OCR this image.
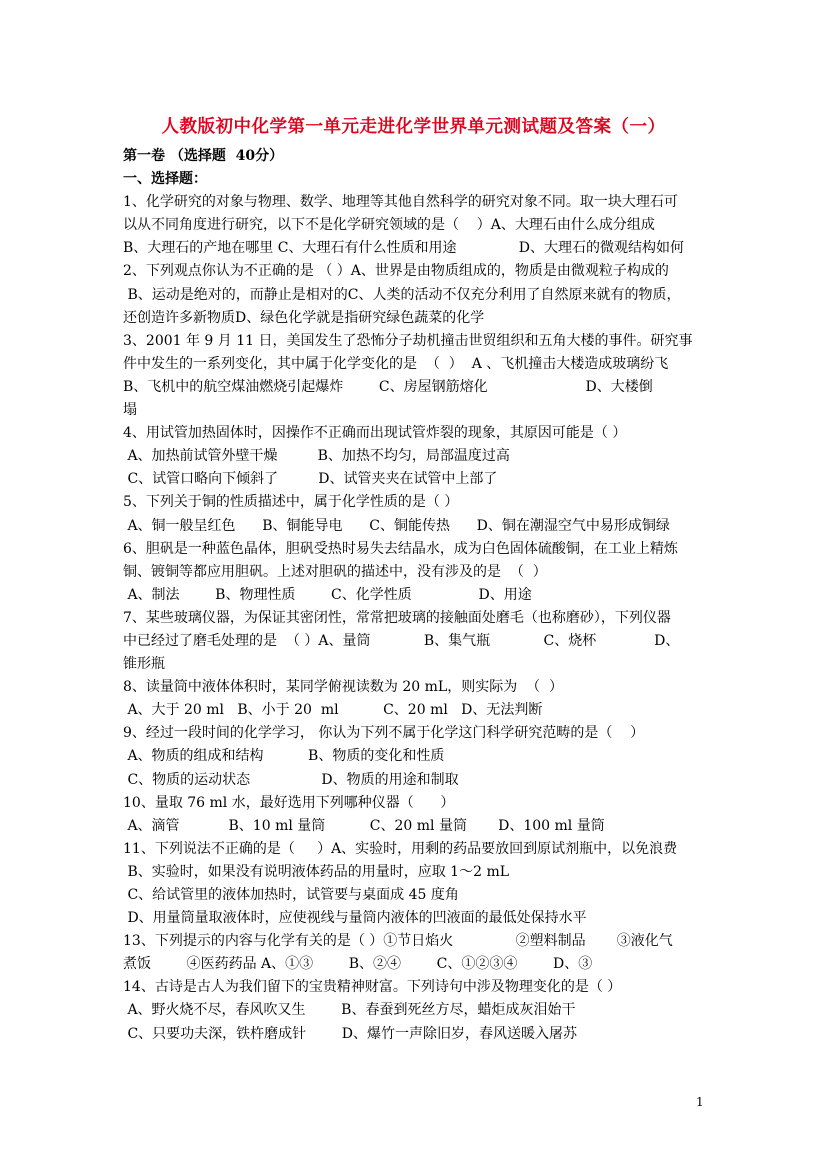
人教版初中化学第一单元走进化学世界单元测试题及答案（一）
第一卷 （选择题  40分）
一、选择题：
1、化学研究的对象与物理、数学、地理等其他自然科学的研究对象不同。取一块大理石可
以从不同角度进行研究，以下不是化学研究领域的是（    ）A、大理石由什么成分组成
B、大理石的产地在哪里 C、大理石有什么性质和用途              D、大理石的微观结构如何
2、下列观点你认为不正确的是 （ ）A、世界是由物质组成的，物质是由微观粒子构成的
B、运动是绝对的，而静止是相对的C、人类的活动不仅充分利用了自然原来就有的物质，
还创造许多新物质D、绿色化学就是指研究绿色蔬菜的化学
3、2001 年 9 月 11 日，美国发生了恐怖分子劫机撞击世贸组织和五角大楼的事件。研究事
件中发生的一系列变化，其中属于化学变化的是  （  ）  A 、飞机撞击大楼造成玻璃纷飞
B、飞机中的航空煤油燃烧引起爆炸        C、房屋钢筋熔化                      D、大楼倒
塌
4、用试管加热固体时，因操作不正确而出现试管炸裂的现象，其原因可能是（ ）
A、加热前试管外壁干燥         B、加热不均匀，局部温度过高
C、试管口略向下倾斜了         D、试管夹夹在试管中上部了
5、下列关于铜的性质描述中，属于化学性质的是（ ）
A、铜一般呈红色      B、铜能导电      C、铜能传热      D、铜在潮湿空气中易形成铜绿
6、胆矾是一种蓝色晶体，胆矾受热时易失去结晶水，成为白色固体硫酸铜，在工业上精炼
铜、镀铜等都应用胆矾。上述对胆矾的描述中，没有涉及的是  （  ）
A、制法        B、物理性质        C、化学性质               D、用途
7、某些玻璃仪器，为保证其密闭性，常常把玻璃的接触面处磨毛（也称磨砂），下列仪器
中已经过了磨毛处理的是  （ ）A、量筒            B、集气瓶            C、烧杯             D、
锥形瓶
8、读量筒中液体体积时，某同学俯视读数为 20 mL，则实际为  （  ）
A、大于 20 ml   B、小于 20  ml          C、20 ml   D、无法判断
9、经过一段时间的化学学习， 你认为下列不属于化学这门科学研究范畴的是（    ）
A、物质的组成和结构          B、物质的变化和性质
C、物质的运动状态                D、物质的用途和制取
10、量取 76 ml 水，最好选用下列哪种仪器（      ）
A、滴管           B、10 ml 量筒          C、20 ml 量筒       D、100 ml 量筒
11、下列说法不正确的是（     ）A、实验时，用剩的药品要放回到原试剂瓶中，以免浪费
B、实验时，如果没有说明液体药品的用量时，应取 1～2 mL
C、给试管里的液体加热时，试管要与桌面成 45 度角
D、用量筒量取液体时，应使视线与量筒内液体的凹液面的最低处保持水平
13、下列提示的内容与化学有关的是（ ）①节日焰火              ②塑料制品       ③液化气
煮饭        ④医药药品 A、①③        B、②④        C、①②③④        D、③
14、古诗是古人为我们留下的宝贵精神财富。下列诗句中涉及物理变化的是（ ）
A、野火烧不尽，春风吹又生        B、春蚕到死丝方尽，蜡炬成灰泪始干
C、只要功夫深，铁杵磨成针        D、爆竹一声除旧岁，春风送暖入屠苏
1
